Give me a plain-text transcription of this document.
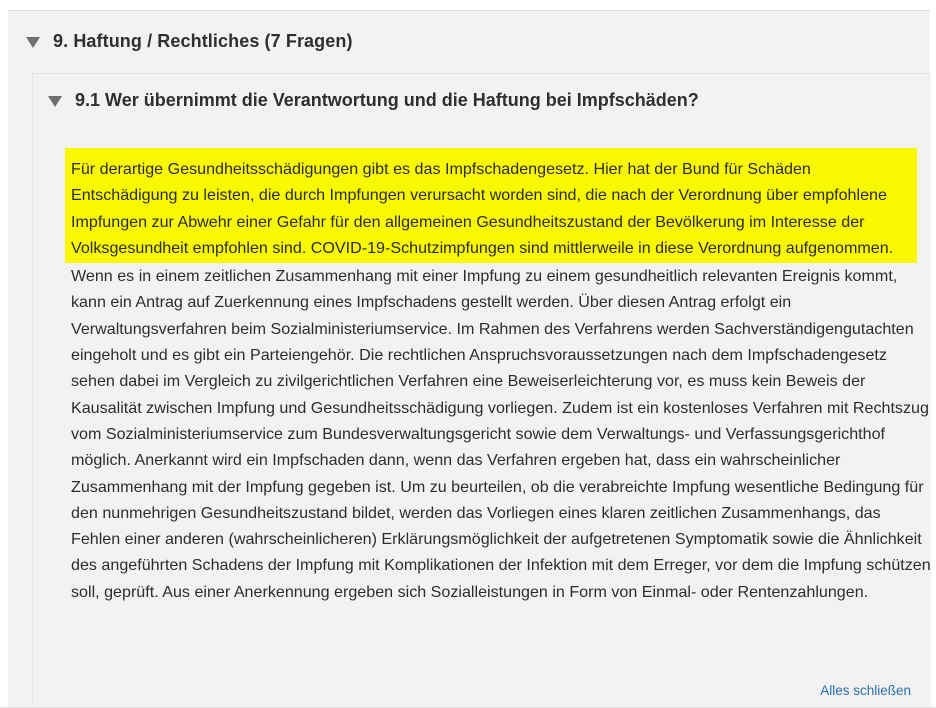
9. Haftung / Rechtliches (7 Fragen)
9.1 Wer übernimmt die Verantwortung und die Haftung bei Impfschäden?
Für derartige Gesundheitsschädigungen gibt es das Impfschadengesetz. Hier hat der Bund für Schäden Entschädigung zu leisten, die durch Impfungen verursacht worden sind, die nach der Verordnung über empfohlene Impfungen zur Abwehr einer Gefahr für den allgemeinen Gesundheitszustand der Bevölkerung im Interesse der Volksgesundheit empfohlen sind. COVID-19-Schutzimpfungen sind mittlerweile in diese Verordnung aufgenommen.
Wenn es in einem zeitlichen Zusammenhang mit einer Impfung zu einem gesundheitlich relevanten Ereignis kommt, kann ein Antrag auf Zuerkennung eines Impfschadens gestellt werden. Über diesen Antrag erfolgt ein Verwaltungsverfahren beim Sozialministeriumservice. Im Rahmen des Verfahrens werden Sachverständigengutachten eingeholt und es gibt ein Parteiengehör. Die rechtlichen Anspruchsvoraussetzungen nach dem Impfschadengesetz sehen dabei im Vergleich zu zivilgerichtlichen Verfahren eine Beweiserleichterung vor, es muss kein Beweis der Kausalität zwischen Impfung und Gesundheitsschädigung vorliegen. Zudem ist ein kostenloses Verfahren mit Rechtszug vom Sozialministeriumservice zum Bundesverwaltungsgericht sowie dem Verwaltungs- und Verfassungsgerichthof möglich. Anerkannt wird ein Impfschaden dann, wenn das Verfahren ergeben hat, dass ein wahrscheinlicher Zusammenhang mit der Impfung gegeben ist. Um zu beurteilen, ob die verabreichte Impfung wesentliche Bedingung für den nunmehrigen Gesundheitszustand bildet, werden das Vorliegen eines klaren zeitlichen Zusammenhangs, das Fehlen einer anderen (wahrscheinlicheren) Erklärungsmöglichkeit der aufgetretenen Symptomatik sowie die Ähnlichkeit des angeführten Schadens der Impfung mit Komplikationen der Infektion mit dem Erreger, vor dem die Impfung schützen soll, geprüft. Aus einer Anerkennung ergeben sich Sozialleistungen in Form von Einmal- oder Rentenzahlungen.
Alles schließen
